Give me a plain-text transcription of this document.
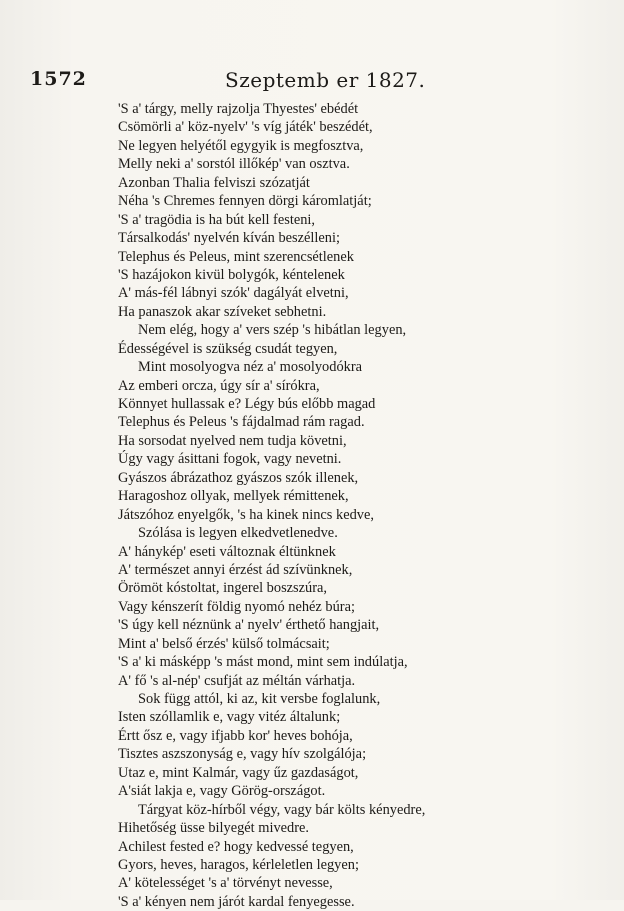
1572	Szeptemb er 1827.
'S a' tárgy, melly rajzolja Thyestes' ebédét
Csömörli a' köz-nyelv' 's víg játék' beszédét,
Ne legyen helyétől egygyik is megfosztva,
Melly neki a' sorstól illőkép' van osztva.
Azonban Thalia felviszi szózatját
Néha 's Chremes fennyen dörgi káromlatját;
'S a' tragödia is ha bút kell festeni,
Társalkodás' nyelvén kíván beszélleni;
Telephus és Peleus, mint szerencsétlenek
'S hazájokon kivül bolygók, kéntelenek
A' más-fél lábnyi szók' dagályát elvetni,
Ha panaszok akar szíveket sebhetni.
Nem elég, hogy a' vers szép 's hibátlan legyen,
Édességével is szükség csudát tegyen,
Mint mosolyogva néz a' mosolyodókra
Az emberi orcza, úgy sír a' sírókra,
Könnyet hullassak e? Légy bús előbb magad
Telephus és Peleus 's fájdalmad rám ragad.
Ha sorsodat nyelved nem tudja követni,
Úgy vagy ásittani fogok, vagy nevetni.
Gyászos ábrázathoz gyászos szók illenek,
Haragoshoz ollyak, mellyek rémittenek,
Játszóhoz enyelgők, 's ha kinek nincs kedve,
Szólása is legyen elkedvetlenedve.
A' hánykép' eseti változnak éltünknek
A' természet annyi érzést ád szívünknek,
Örömöt kóstoltat, ingerel boszszúra,
Vagy kénszerít földig nyomó nehéz búra;
'S úgy kell néznünk a' nyelv' érthető hangjait,
Mint a' belső érzés' külső tolmácsait;
'S a' ki másképp 's mást mond, mint sem indúlatja,
A' fő 's al-nép' csufját az méltán várhatja.
Sok függ attól, ki az, kit versbe foglalunk,
Isten szóllamlik e, vagy vitéz általunk;
Értt ősz e, vagy ifjabb kor' heves bohója,
Tisztes aszszonyság e, vagy hív szolgálója;
Utaz e, mint Kalmár, vagy űz gazdaságot,
A'siát lakja e, vagy Görög-országot.
Tárgyat köz-hírből végy, vagy bár költs kényedre,
Hihetőség üsse bilyegét mivedre.
Achilest fested e? hogy kedvessé tegyen,
Gyors, heves, haragos, kérleletlen legyen;
A' kötelességet 's a' törvényt nevesse,
'S a' kényen nem járót kardal fenyegesse.
